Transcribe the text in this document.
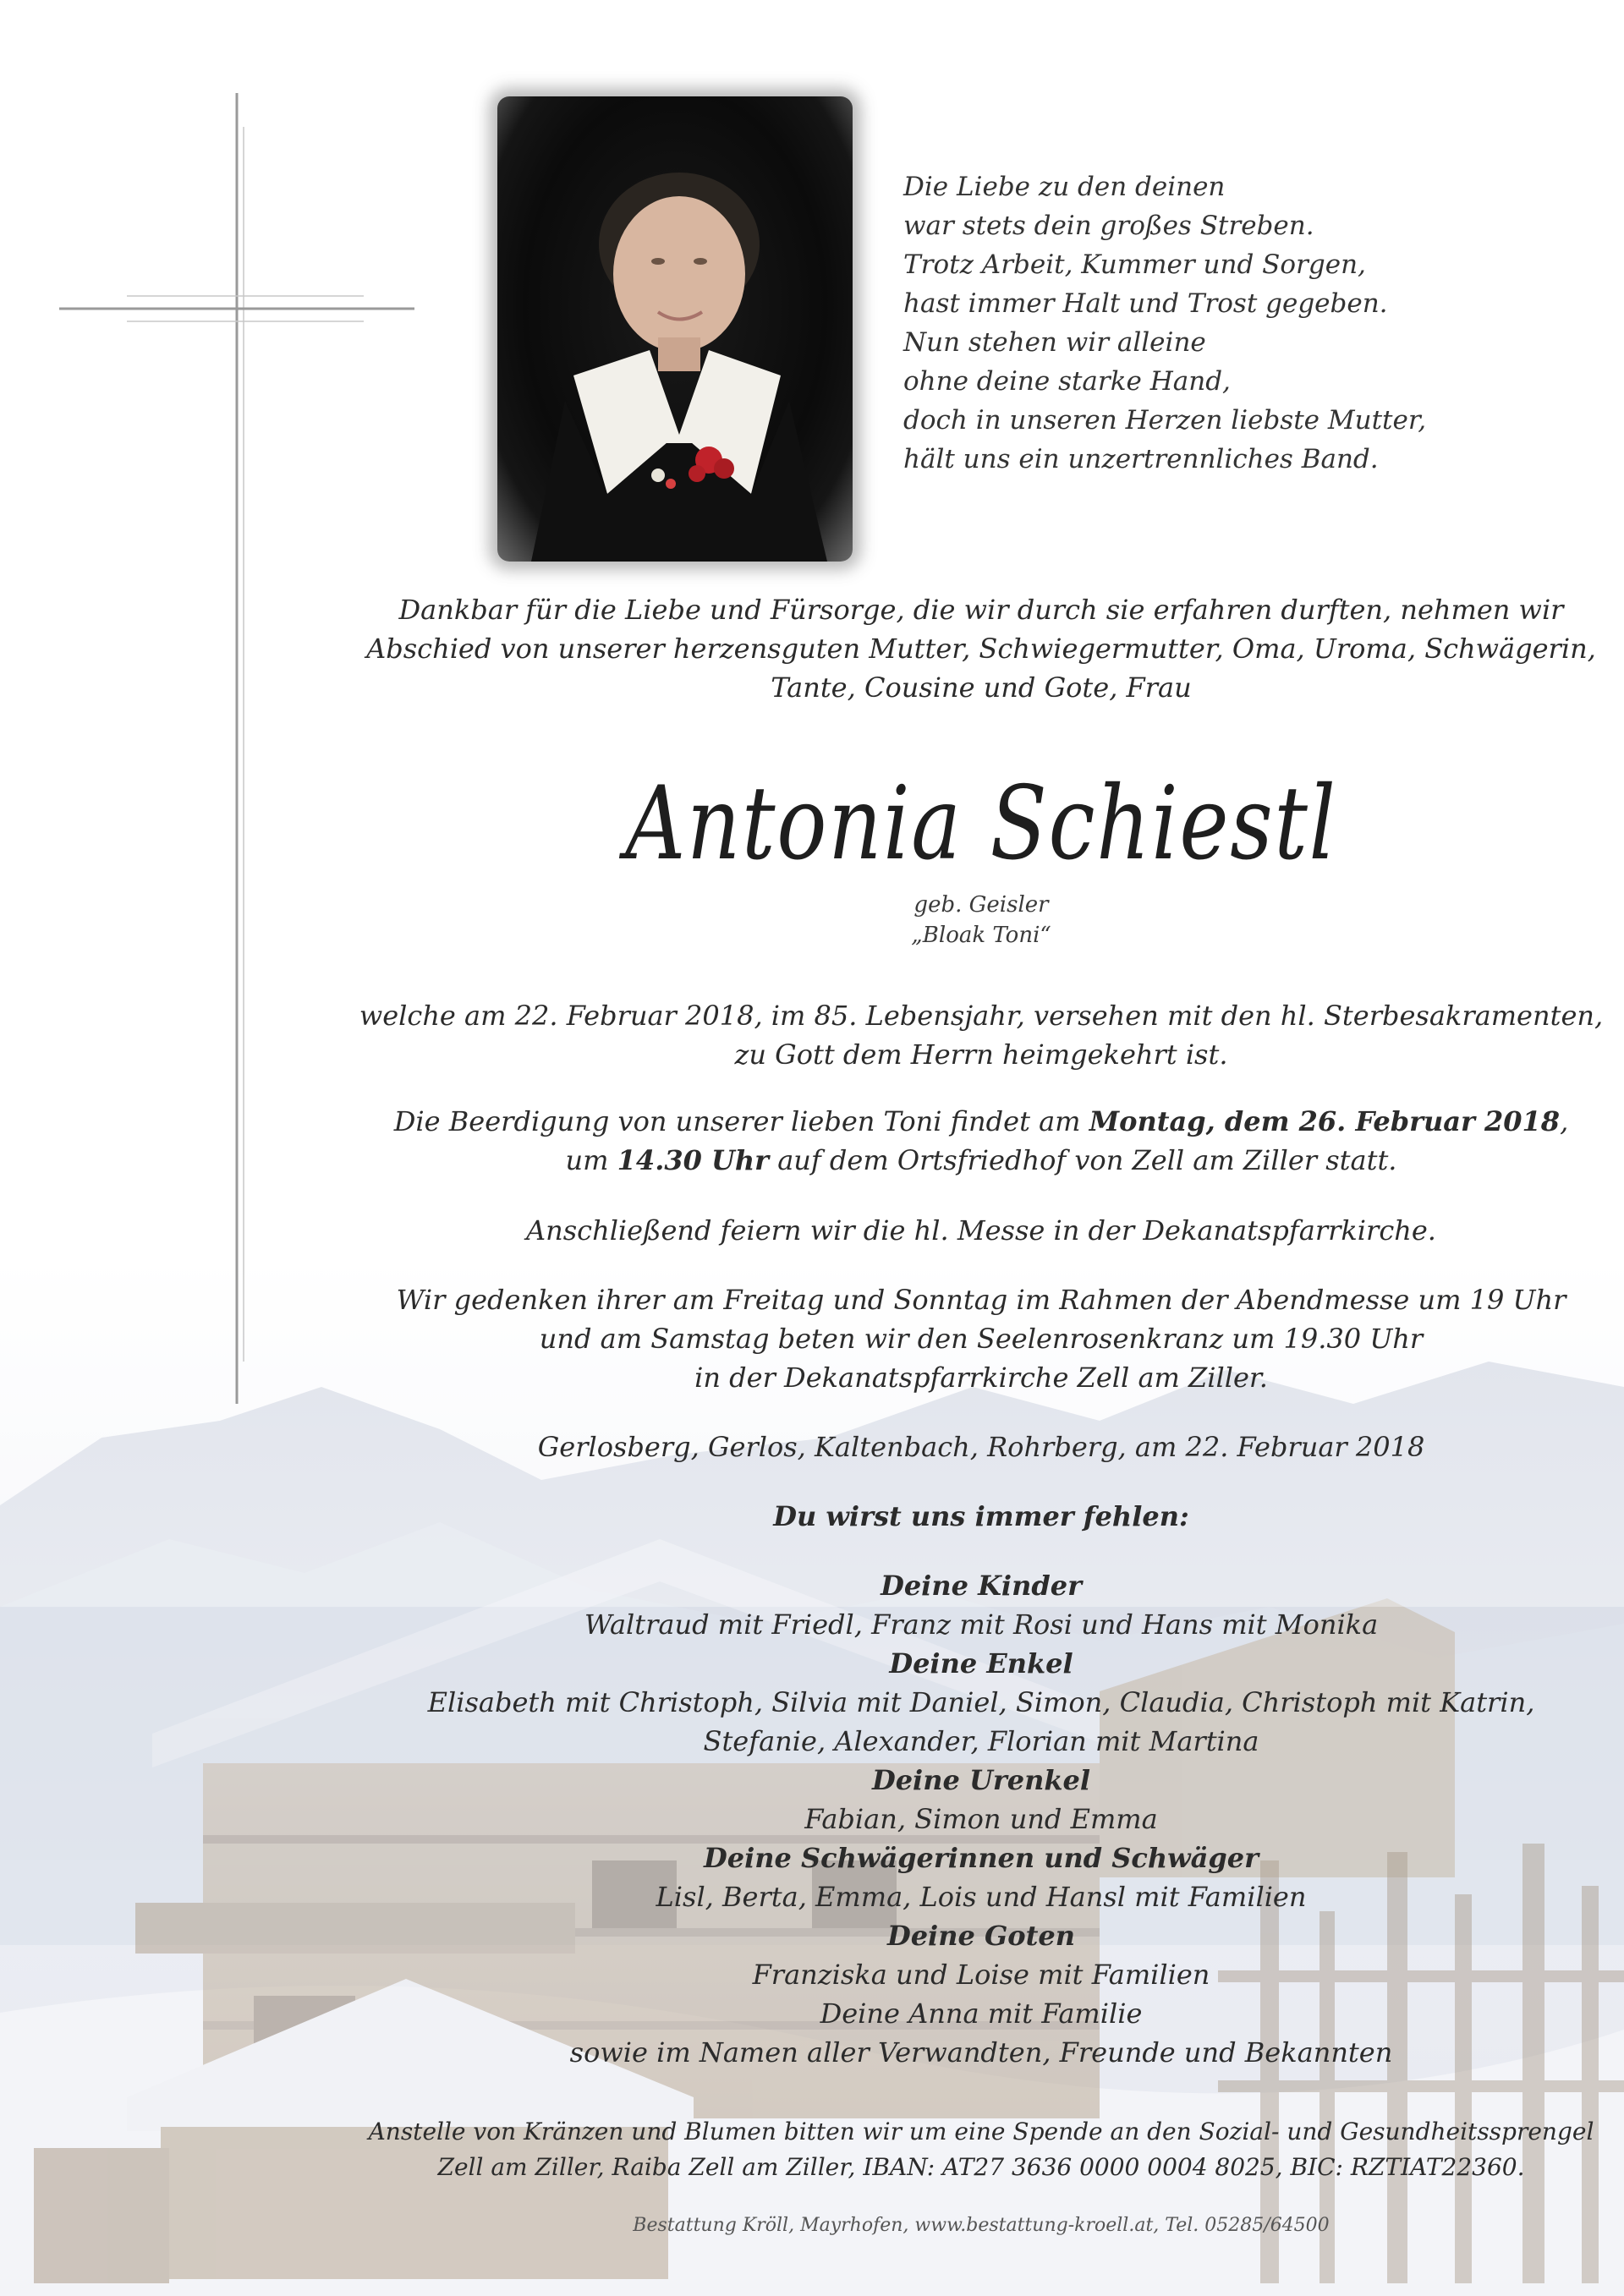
Die Liebe zu den deinen
war stets dein großes Streben.
Trotz Arbeit, Kummer und Sorgen,
hast immer Halt und Trost gegeben.
Nun stehen wir alleine
ohne deine starke Hand,
doch in unseren Herzen liebste Mutter,
hält uns ein unzertrennliches Band.
Dankbar für die Liebe und Fürsorge, die wir durch sie erfahren durften, nehmen wir
Abschied von unserer herzensguten Mutter, Schwiegermutter, Oma, Uroma, Schwägerin,
Tante, Cousine und Gote, Frau
Antonia Schiestl
geb. Geisler
„Bloak Toni“
welche am 22. Februar 2018, im 85. Lebensjahr, versehen mit den hl. Sterbesakramenten,
zu Gott dem Herrn heimgekehrt ist.
Die Beerdigung von unserer lieben Toni findet am Montag, dem 26. Februar 2018,
um 14.30 Uhr auf dem Ortsfriedhof von Zell am Ziller statt.
Anschließend feiern wir die hl. Messe in der Dekanatspfarrkirche.
Wir gedenken ihrer am Freitag und Sonntag im Rahmen der Abendmesse um 19 Uhr
und am Samstag beten wir den Seelenrosenkranz um 19.30 Uhr
in der Dekanatspfarrkirche Zell am Ziller.
Gerlosberg, Gerlos, Kaltenbach, Rohrberg, am 22. Februar 2018
Du wirst uns immer fehlen:
Deine Kinder
Waltraud mit Friedl, Franz mit Rosi und Hans mit Monika
Deine Enkel
Elisabeth mit Christoph, Silvia mit Daniel, Simon, Claudia, Christoph mit Katrin,
Stefanie, Alexander, Florian mit Martina
Deine Urenkel
Fabian, Simon und Emma
Deine Schwägerinnen und Schwäger
Lisl, Berta, Emma, Lois und Hansl mit Familien
Deine Goten
Franziska und Loise mit Familien
Deine Anna mit Familie
sowie im Namen aller Verwandten, Freunde und Bekannten
Anstelle von Kränzen und Blumen bitten wir um eine Spende an den Sozial- und Gesundheitssprengel
Zell am Ziller, Raiba Zell am Ziller, IBAN: AT27 3636 0000 0004 8025, BIC: RZTIAT22360.
Bestattung Kröll, Mayrhofen, www.bestattung-kroell.at, Tel. 05285/64500
